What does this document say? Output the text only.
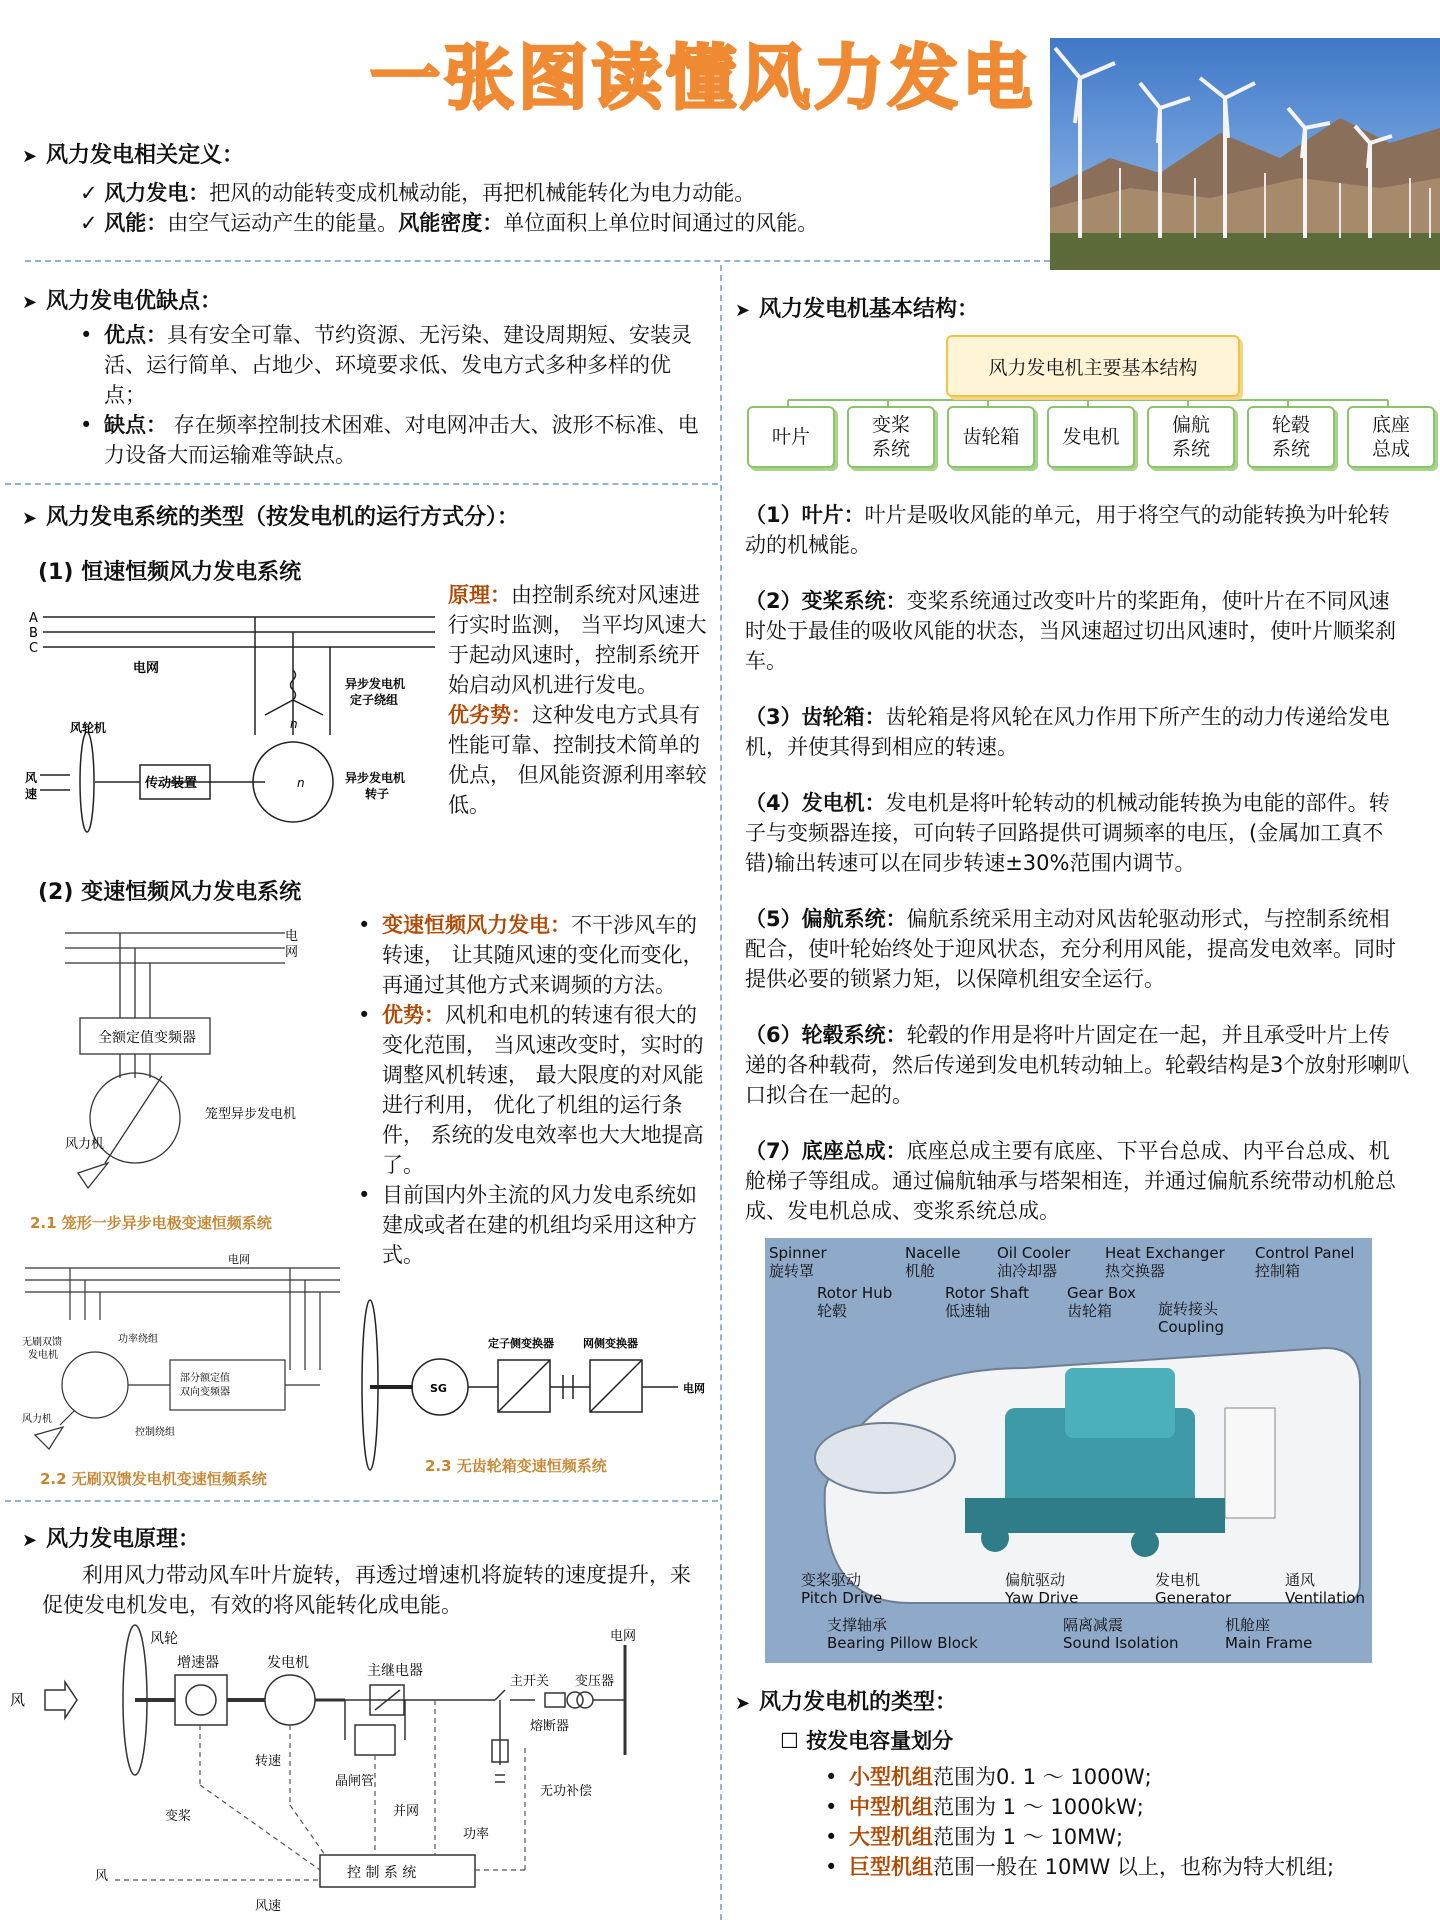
一张图读懂风力发电
➤ 风力发电相关定义：
✓ 风力发电：把风的动能转变成机械动能，再把机械能转化为电力动能。
✓ 风能：由空气运动产生的能量。风能密度：单位面积上单位时间通过的风能。
➤ 风力发电优缺点：
• 优点：具有安全可靠、节约资源、无污染、建设周期短、安装灵活、运行简单、占地少、环境要求低、发电方式多种多样的优点；
• 缺点： 存在频率控制技术困难、对电网冲击大、波形不标准、电力设备大而运输难等缺点。
➤ 风力发电系统的类型（按发电机的运行方式分）：
(1) 恒速恒频风力发电系统
A
B
C
电网
异步发电机
定子绕组
风轮机
风
速
传动装置	异步发电机
转子
n
n
原理：由控制系统对风速进行实时监测， 当平均风速大于起动风速时，控制系统开始启动风机进行发电。
优劣势：这种发电方式具有性能可靠、控制技术简单的优点， 但风能资源利用率较低。
(2) 变速恒频风力发电系统
电
网
全额定值变频器
笼型异步发电机
风力机
2.1 笼形一步异步电极变速恒频系统
• 变速恒频风力发电：不干涉风车的转速， 让其随风速的变化而变化， 再通过其他方式来调频的方法。
• 优势：风机和电机的转速有很大的变化范围， 当风速改变时，实时的调整风机转速， 最大限度的对风能进行利用， 优化了机组的运行条件， 系统的发电效率也大大地提高了。
• 目前国内外主流的风力发电系统如建成或者在建的机组均采用这种方式。
电网
无刷双馈
发电机
功率绕组
部分额定值
双向变频器
控制绕组
风力机
2.2 无刷双馈发电机变速恒频系统
定子侧变换器	网侧变换器
电网
SG
2.3 无齿轮箱变速恒频系统
➤ 风力发电原理：
利用风力带动风车叶片旋转，再透过增速机将旋转的速度提升，来促使发电机发电，有效的将风能转化成电能。
风
风轮
增速器	发电机	主继电器
电网
主开关 变压器
熔断器
转速
晶闸管
并网
功率
无功补偿
变桨
风
风速
控 制 系 统
➤ 风力发电机基本结构：
风力发电机主要基本结构
叶片
变桨
系统
齿轮箱 发电机
偏航
系统
轮毂
系统
底座
总成
（1）叶片：叶片是吸收风能的单元，用于将空气的动能转换为叶轮转动的机械能。
（2）变桨系统：变桨系统通过改变叶片的桨距角，使叶片在不同风速时处于最佳的吸收风能的状态，当风速超过切出风速时，使叶片顺桨刹车。
（3）齿轮箱：齿轮箱是将风轮在风力作用下所产生的动力传递给发电机，并使其得到相应的转速。
（4）发电机：发电机是将叶轮转动的机械动能转换为电能的部件。转子与变频器连接，可向转子回路提供可调频率的电压，(金属加工真不错)输出转速可以在同步转速±30%范围内调节。
（5）偏航系统：偏航系统采用主动对风齿轮驱动形式，与控制系统相配合，使叶轮始终处于迎风状态，充分利用风能，提高发电效率。同时提供必要的锁紧力矩，以保障机组安全运行。
（6）轮毂系统：轮毂的作用是将叶片固定在一起，并且承受叶片上传递的各种载荷，然后传递到发电机转动轴上。轮毂结构是3个放射形喇叭口拟合在一起的。
（7）底座总成：底座总成主要有底座、下平台总成、内平台总成、机舱梯子等组成。通过偏航轴承与塔架相连，并通过偏航系统带动机舱总成、发电机总成、变浆系统总成。
Spinner
旋转罩
Rotor Hub
轮毂
Nacelle
机舱
Rotor Shaft
低速轴
Oil Cooler
油冷却器
Gear Box
齿轮箱
Heat Exchanger
热交换器
旋转接头
Coupling
Control Panel
控制箱
变桨驱动
Pitch Drive
支撑轴承
Bearing Pillow Block
偏航驱动
Yaw Drive
隔离减震
Sound Isolation
发电机
Generator
机舱座
Main Frame
通风
Ventilation
➤ 风力发电机的类型：
☐ 按发电容量划分
• 小型机组范围为0. 1 ～ 1000W;
• 中型机组范围为 1 ～ 1000kW;
• 大型机组范围为 1 ～ 10MW;
• 巨型机组范围一般在 10MW 以上，也称为特大机组;
